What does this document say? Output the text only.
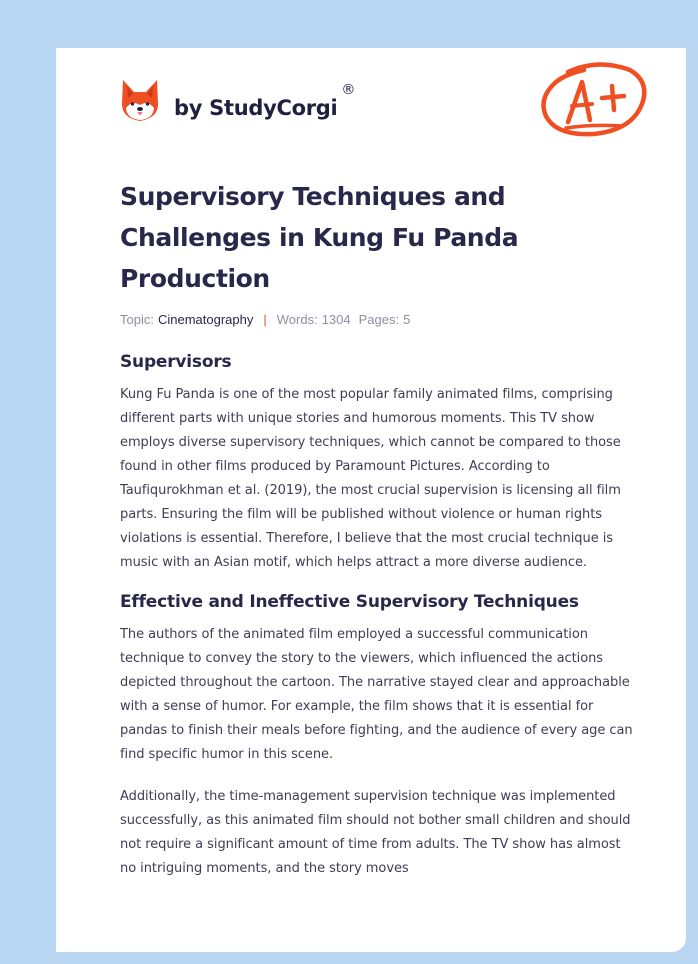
by StudyCorgi
®
Supervisory Techniques and Challenges in Kung Fu Panda Production
Topic: Cinematography | Words: 1304 Pages: 5
Supervisors

Kung Fu Panda is one of the most popular family animated films, comprising different parts with unique stories and humorous moments. This TV show employs diverse supervisory techniques, which cannot be compared to those found in other films produced by Paramount Pictures. According to Taufiqurokhman et al. (2019), the most crucial supervision is licensing all film parts. Ensuring the film will be published without violence or human rights violations is essential. Therefore, I believe that the most crucial technique is music with an Asian motif, which helps attract a more diverse audience.

Effective and Ineffective Supervisory Techniques

The authors of the animated film employed a successful communication technique to convey the story to the viewers, which influenced the actions depicted throughout the cartoon. The narrative stayed clear and approachable with a sense of humor. For example, the film shows that it is essential for pandas to finish their meals before fighting, and the audience of every age can find specific humor in this scene.

Additionally, the time-management supervision technique was implemented successfully, as this animated film should not bother small children and should not require a significant amount of time from adults. The TV show has almost no intriguing moments, and the story moves
